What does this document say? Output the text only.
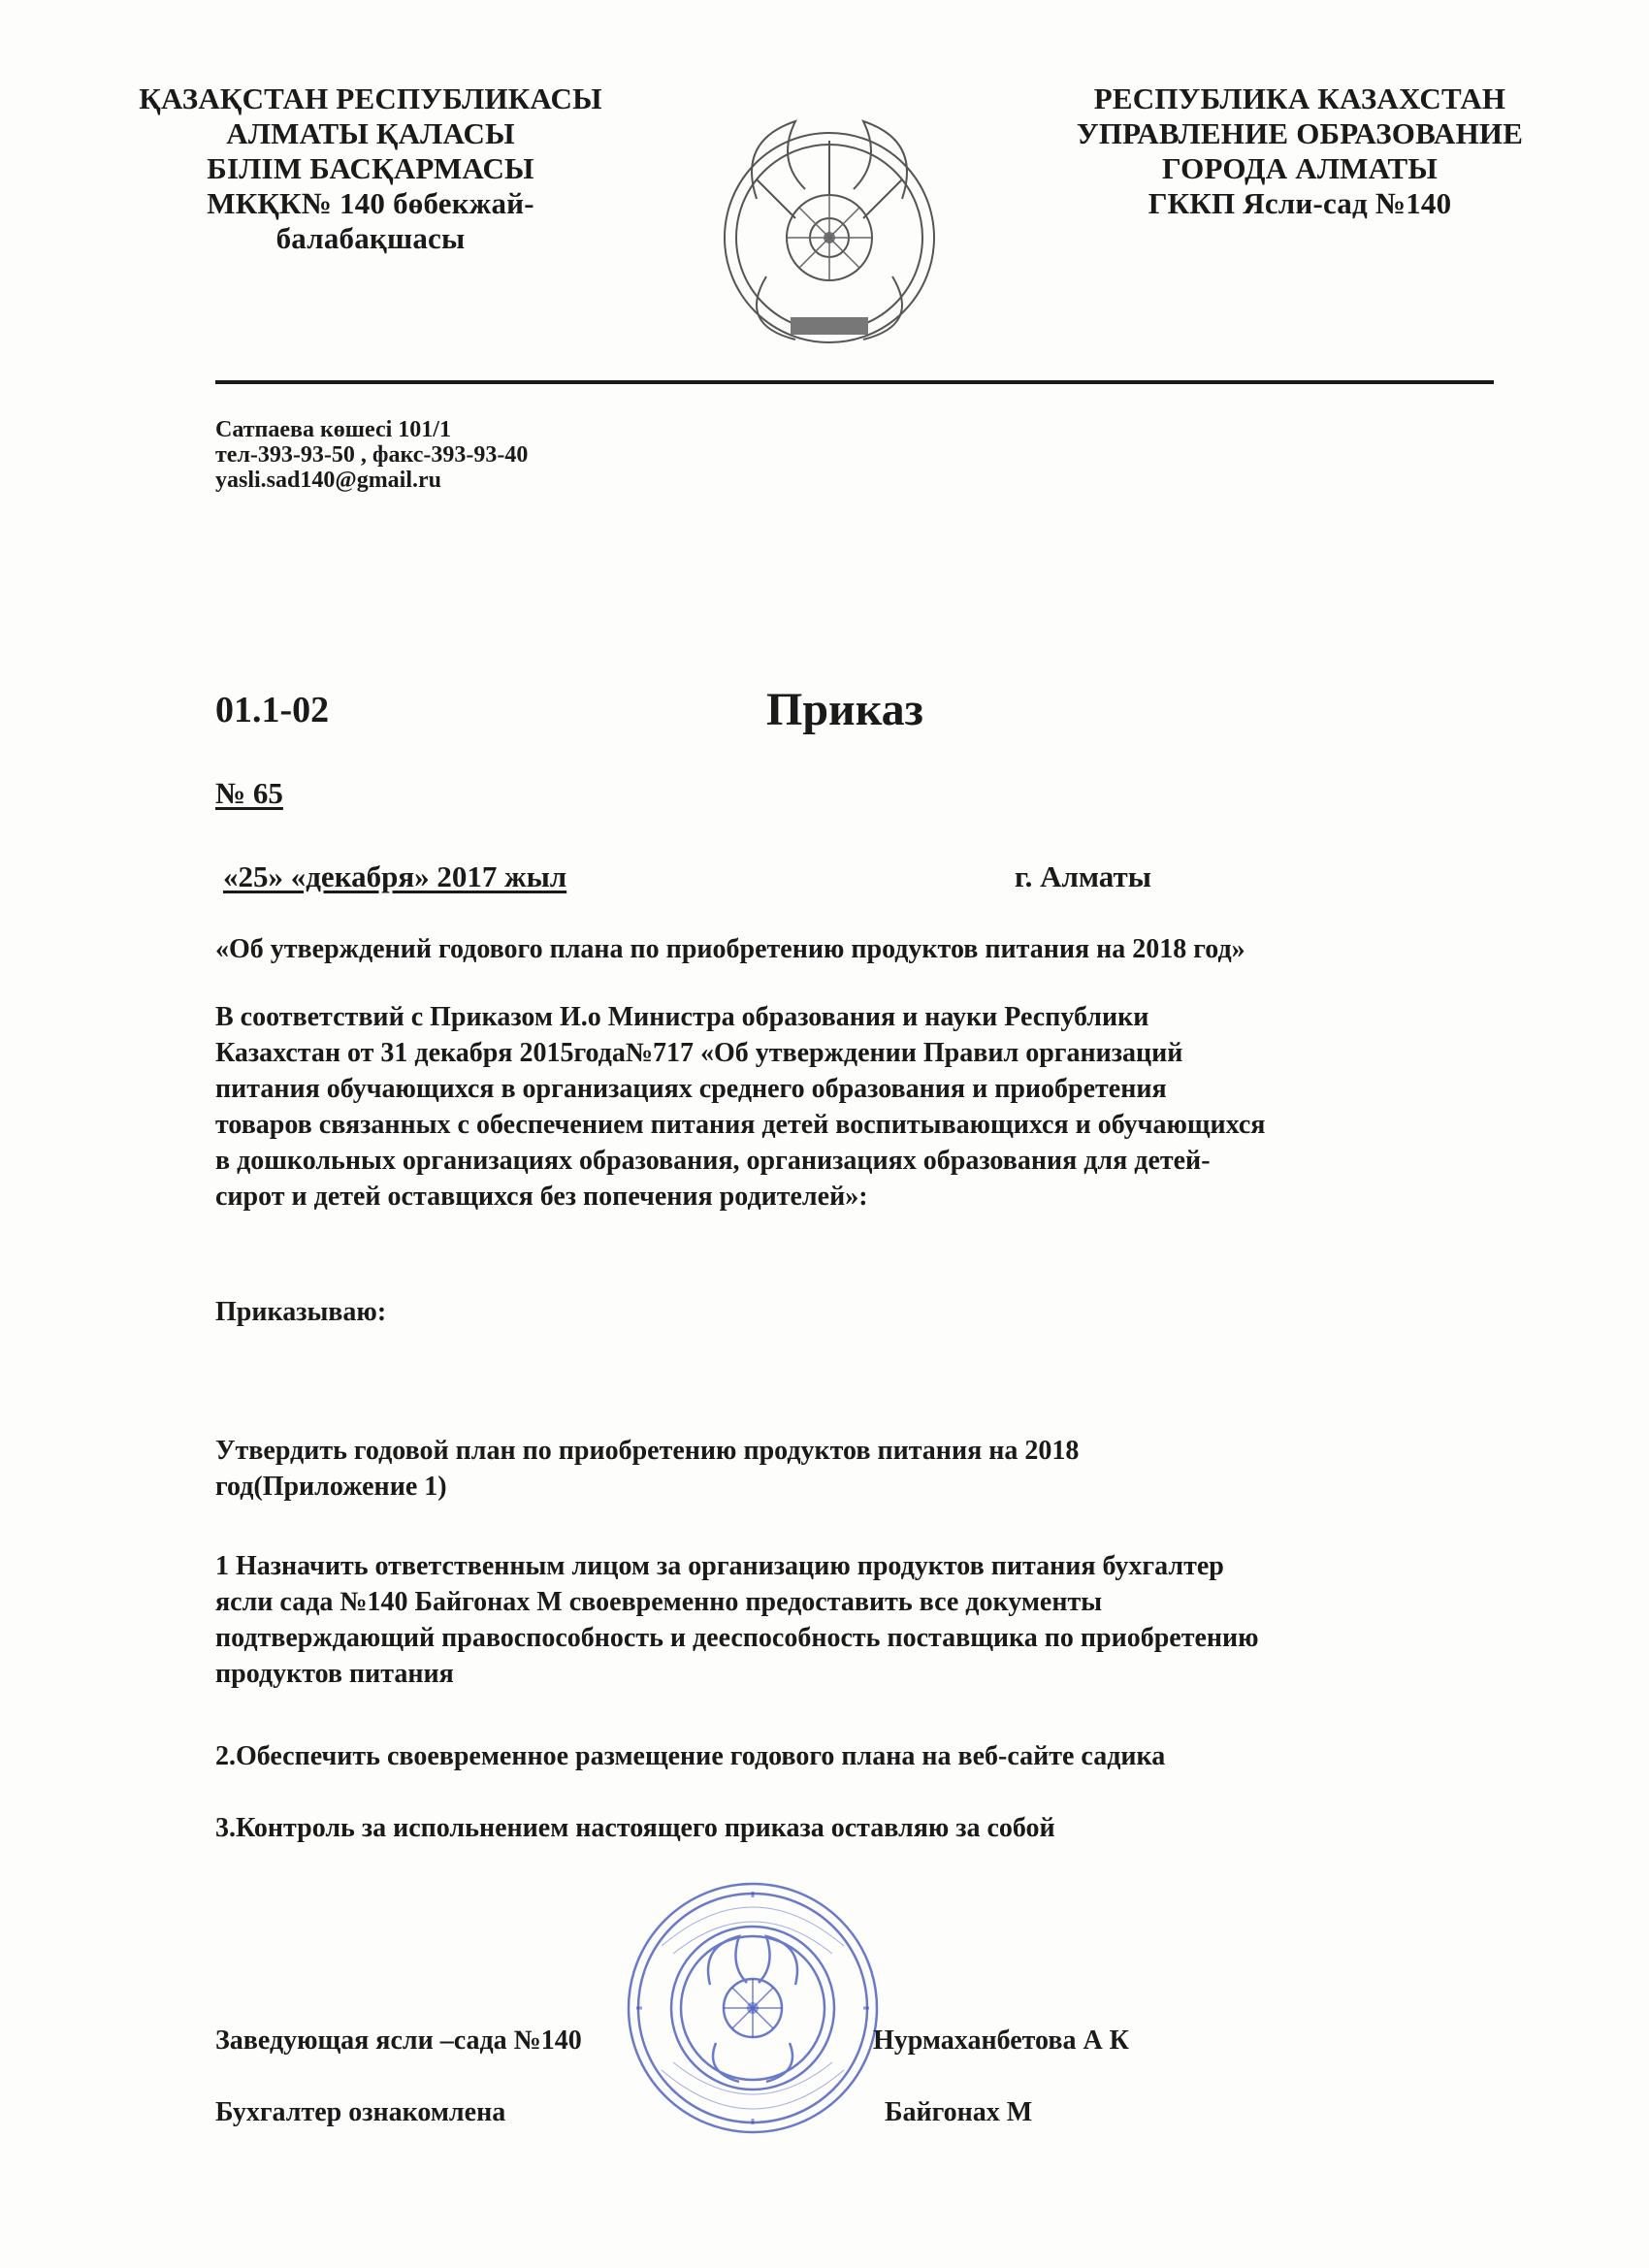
ҚАЗАҚСТАН РЕСПУБЛИКАСЫ
АЛМАТЫ ҚАЛАСЫ
БІЛІМ БАСҚАРМАСЫ
МКҚК№ 140 бөбекжай-
балабақшасы
РЕСПУБЛИКА КАЗАХСТАН
УПРАВЛЕНИЕ ОБРАЗОВАНИЕ
ГОРОДА АЛМАТЫ
ГККП Ясли-сад №140
Сатпаева көшесі 101/1
тел-393-93-50 , факс-393-93-40
yasli.sad140@gmail.ru
01.1-02	Приказ
№ 65
«25» «декабря» 2017 жыл	г. Алматы
«Об утверждений годового плана по приобретению продуктов питания на 2018 год»
В соответствий с Приказом И.о Министра образования и науки Республики
Казахстан от 31 декабря 2015года№717 «Об утверждении Правил организаций
питания обучающихся в организациях среднего образования и приобретения
товаров связанных с обеспечением питания детей воспитывающихся и обучающихся
в дошкольных организациях образования, организациях образования для детей-
сирот и детей оставщихся без попечения родителей»:
Приказываю:
Утвердить годовой план по приобретению продуктов питания на 2018
год(Приложение 1)
1 Назначить ответственным лицом за организацию продуктов питания бухгалтер
ясли сада №140 Байгонах М своевременно предоставить все документы
подтверждающий правоспособность и дееспособность поставщика по приобретению
продуктов питания
2.Обеспечить своевременное размещение годового плана на веб-сайте садика
3.Контроль за испольнением настоящего приказа оставляю за собой
Заведующая ясли –сада №140	Нурмаханбетова А К
Бухгалтер ознакомлена	Байгонах М
